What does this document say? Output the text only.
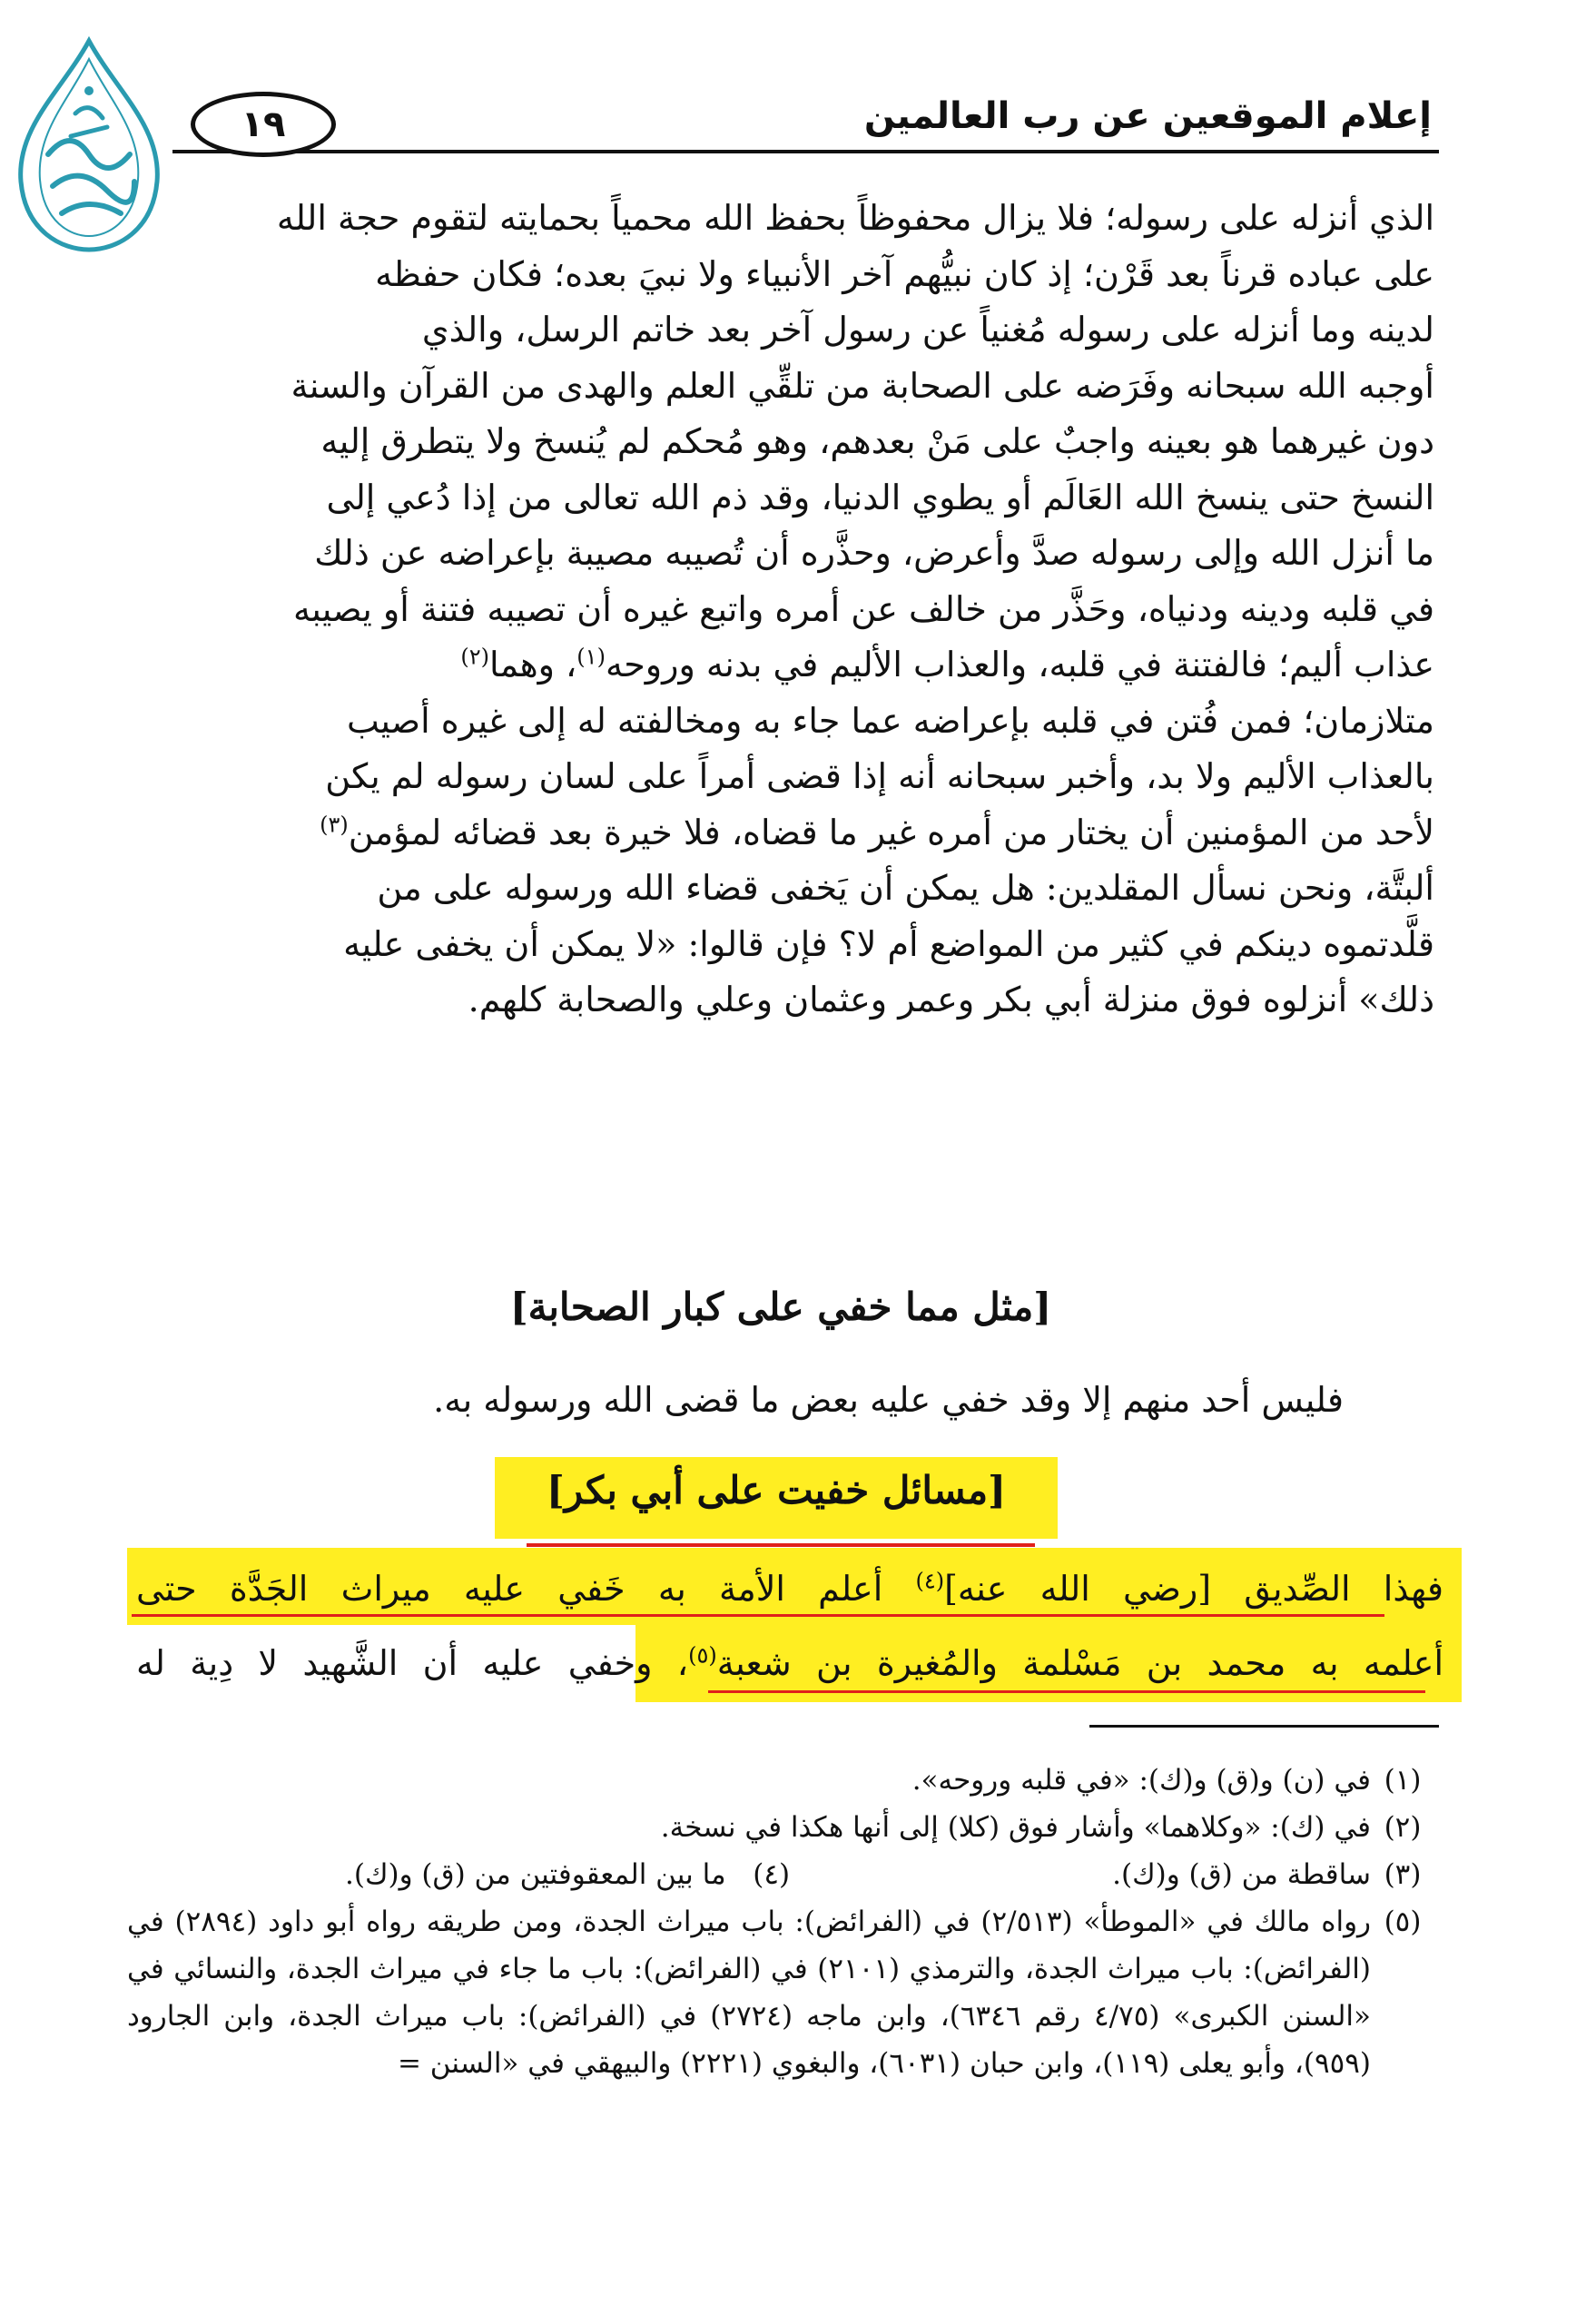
١٩	إعلام الموقعين عن رب العالمين

الذي أنزله على رسوله؛ فلا يزال محفوظاً بحفظ الله محمياً بحمايته لتقوم حجة الله

على عباده قرناً بعد قَرْن؛ إذ كان نبيُّهم آخر الأنبياء ولا نبيَ بعده؛ فكان حفظه

لدينه وما أنزله على رسوله مُغنياً عن رسول آخر بعد خاتم الرسل، والذي

أوجبه الله سبحانه وفَرَضه على الصحابة من تلقِّي العلم والهدى من القرآن والسنة

دون غيرهما هو بعينه واجبٌ على مَنْ بعدهم، وهو مُحكم لم يُنسخ ولا يتطرق إليه

النسخ حتى ينسخ الله العَالَم أو يطوي الدنيا، وقد ذم الله تعالى من إذا دُعي إلى

ما أنزل الله وإلى رسوله صدَّ وأعرض، وحذَّره أن تُصيبه مصيبة بإعراضه عن ذلك

في قلبه ودينه ودنياه، وحَذَّر من خالف عن أمره واتبع غيره أن تصيبه فتنة أو يصيبه

عذاب أليم؛ فالفتنة في قلبه، والعذاب الأليم في بدنه وروحه$^{(١)}$، وهما$^{(٢)}$

متلازمان؛ فمن فُتن في قلبه بإعراضه عما جاء به ومخالفته له إلى غيره أصيب

بالعذاب الأليم ولا بد، وأخبر سبحانه أنه إذا قضى أمراً على لسان رسوله لم يكن

لأحد من المؤمنين أن يختار من أمره غير ما قضاه، فلا خيرة بعد قضائه لمؤمن$^{(٣)}$

ألبتَّة، ونحن نسأل المقلدين: هل يمكن أن يَخفى قضاء الله ورسوله على من

قلَّدتموه دينكم في كثير من المواضع أم لا؟ فإن قالوا: «لا يمكن أن يخفى عليه

ذلك» أنزلوه فوق منزلة أبي بكر وعمر وعثمان وعلي والصحابة كلهم.

[مثل مما خفي على كبار الصحابة]
فليس أحد منهم إلا وقد خفي عليه بعض ما قضى الله ورسوله به.
[مسائل خفيت على أبي بكر]
فهذا الصِّديق [رضي الله عنه]$^{(٤)}$ أعلم الأمة به خَفي عليه ميراث الجَدَّة حتى
أعلمه به محمد بن مَسْلمة والمُغيرة بن شعبة$^{(٥)}$، وخفي عليه أن الشَّهيد لا دِية له
(١)
في (ن) و(ق) و(ك): «في قلبه وروحه».
(٢)
في (ك): «وكلاهما» وأشار فوق (كلا) إلى أنها هكذا في نسخة.
(٣)
ساقطة من (ق) و(ك).
(٤)   ما بين المعقوفتين من (ق) و(ك).
(٥)
رواه مالك في «الموطأ» (٢/٥١٣) في (الفرائض): باب ميراث الجدة، ومن طريقه رواه أبو داود (٢٨٩٤) في (الفرائض): باب ميراث الجدة، والترمذي (٢١٠١) في (الفرائض): باب ما جاء في ميراث الجدة، والنسائي في «السنن الكبرى» (٤/٧٥ رقم ٦٣٤٦)، وابن ماجه (٢٧٢٤) في (الفرائض): باب ميراث الجدة، وابن الجارود (٩٥٩)، وأبو يعلى (١١٩)، وابن حبان (٦٠٣١)، والبغوي (٢٢٢١) والبيهقي في «السنن =
